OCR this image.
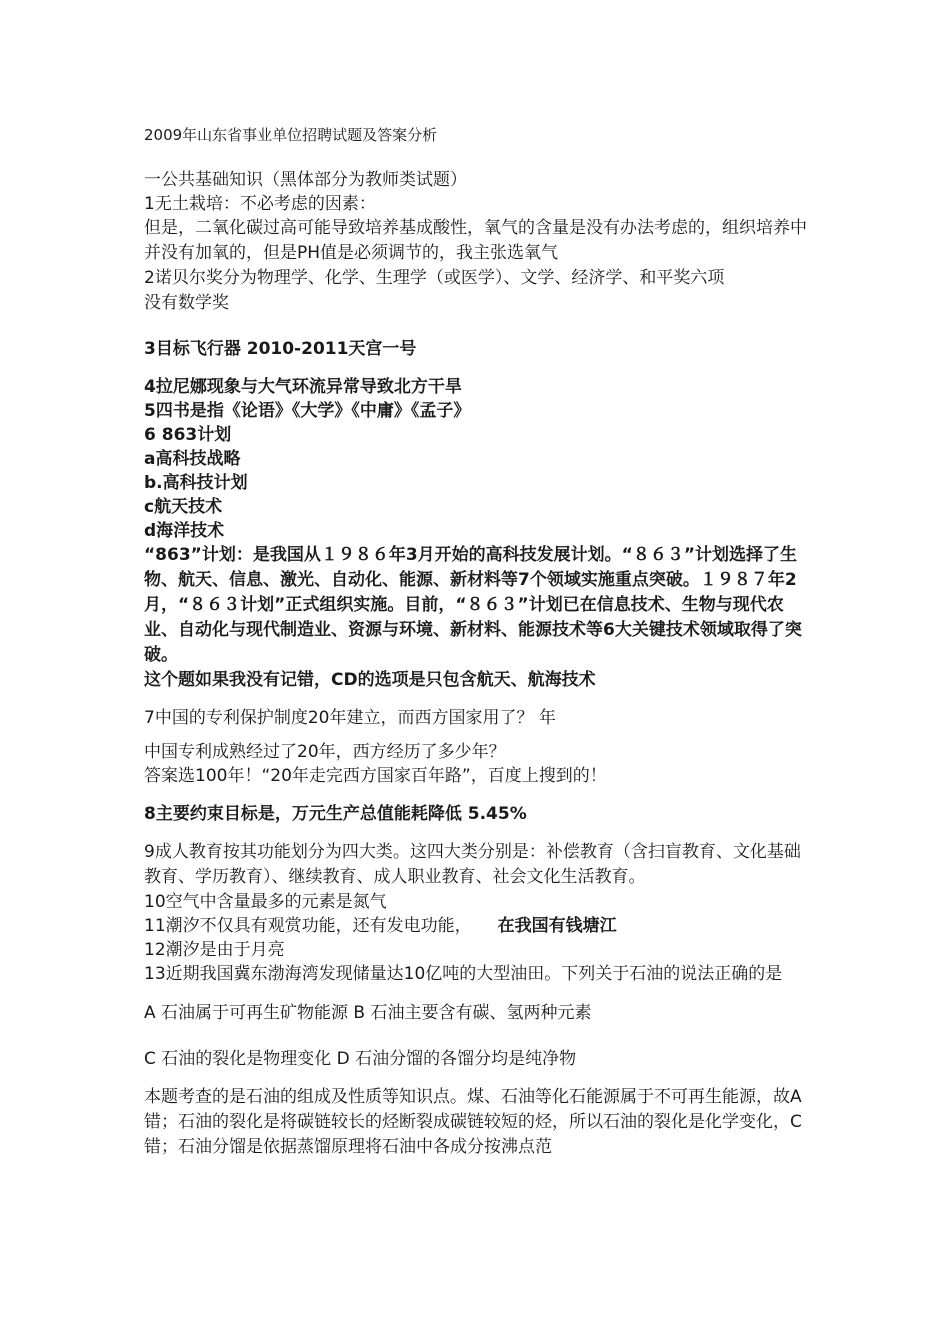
2009年山东省事业单位招聘试题及答案分析
一公共基础知识（黑体部分为教师类试题）
1无土栽培：不必考虑的因素：
但是，二氧化碳过高可能导致培养基成酸性，氧气的含量是没有办法考虑的，组织培养中并没有加氧的，但是PH值是必须调节的，我主张选氧气
2诺贝尔奖分为物理学、化学、生理学（或医学）、文学、经济学、和平奖六项
没有数学奖
3目标飞行器 2010-2011天宫一号
4拉尼娜现象与大气环流异常导致北方干旱
5四书是指《论语》《大学》《中庸》《孟子》
6 863计划
a高科技战略
b.高科技计划
c航天技术
d海洋技术
“863”计划：是我国从１９８６年3月开始的高科技发展计划。“８６３”计划选择了生物、航天、信息、激光、自动化、能源、新材料等7个领域实施重点突破。１９８７年2月，“８６３计划”正式组织实施。目前，“８６３”计划已在信息技术、生物与现代农业、自动化与现代制造业、资源与环境、新材料、能源技术等6大关键技术领域取得了突破。
这个题如果我没有记错，CD的选项是只包含航天、航海技术
7中国的专利保护制度20年建立，而西方国家用了？ 年
中国专利成熟经过了20年，西方经历了多少年？
答案选100年！“20年走完西方国家百年路”，百度上搜到的！
8主要约束目标是，万元生产总值能耗降低 5.45%
9成人教育按其功能划分为四大类。这四大类分别是：补偿教育（含扫盲教育、文化基础教育、学历教育）、继续教育、成人职业教育、社会文化生活教育。
10空气中含量最多的元素是氮气
11潮汐不仅具有观赏功能，还有发电功能， 在我国有钱塘江
12潮汐是由于月亮
13近期我国冀东渤海湾发现储量达10亿吨的大型油田。下列关于石油的说法正确的是
A 石油属于可再生矿物能源 B 石油主要含有碳、氢两种元素
C 石油的裂化是物理变化 D 石油分馏的各馏分均是纯净物
本题考查的是石油的组成及性质等知识点。煤、石油等化石能源属于不可再生能源，故A错；石油的裂化是将碳链较长的烃断裂成碳链较短的烃，所以石油的裂化是化学变化，C错；石油分馏是依据蒸馏原理将石油中各成分按沸点范
